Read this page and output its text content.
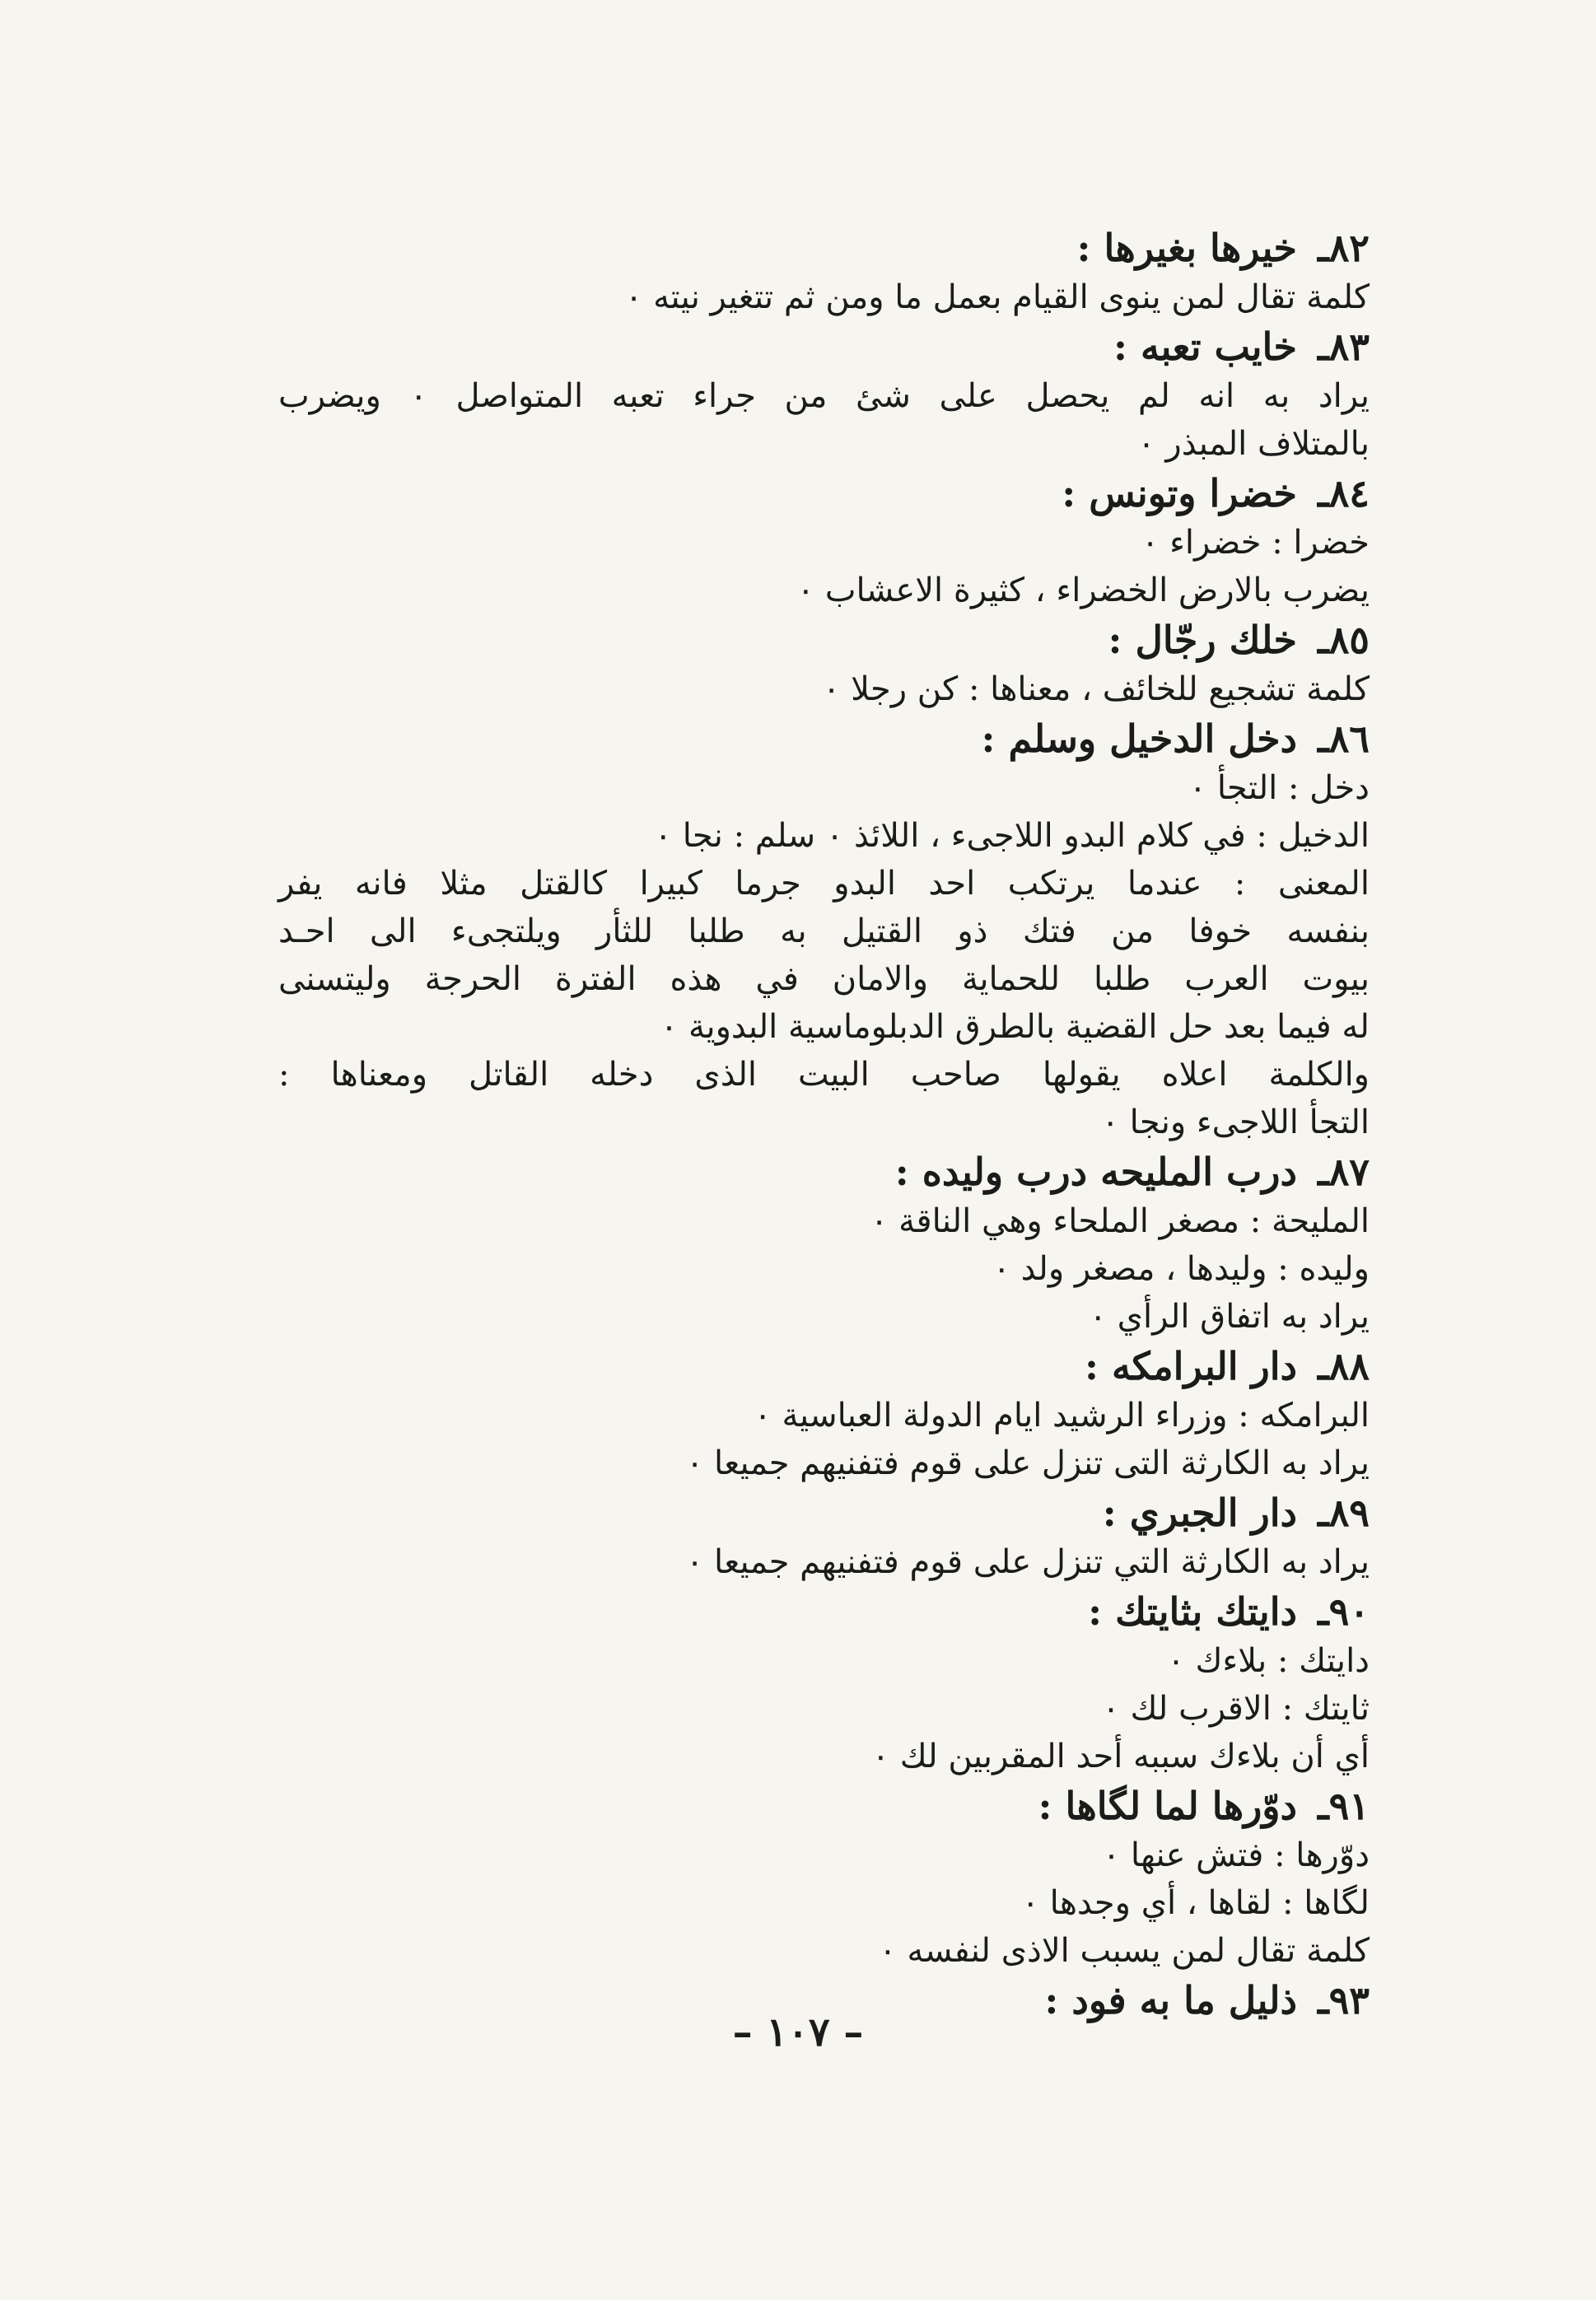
٨٢ـ
خيرها بغيرها :
كلمة تقال لمن ينوى القيام بعمل ما ومن ثم تتغير نيته ٠
٨٣ـ
خايب تعبه :
يراد به انه لم يحصل على شئ من جراء تعبه المتواصل ٠ ويضرب
بالمتلاف المبذر ٠
٨٤ـ
خضرا وتونس :
خضرا : خضراء ٠
يضرب بالارض الخضراء ، كثيرة الاعشاب ٠
٨٥ـ
خلك رجّال :
كلمة تشجيع للخائف ، معناها : كن رجلا ٠
٨٦ـ
دخل الدخيل وسلم :
دخل : التجأ ٠
الدخيل : في كلام البدو اللاجىء ، اللائذ ٠ سلم : نجا ٠
المعنى : عندما يرتكب احد البدو جرما كبيرا كالقتل مثلا فانه يفر
بنفسه خوفا من فتك ذو القتيل به طلبا للثأر ويلتجىء الى احـد
بيوت العرب طلبا للحماية والامان في هذه الفترة الحرجة وليتسنى
له فيما بعد حل القضية بالطرق الدبلوماسية البدوية ٠
والكلمة اعلاه يقولها صاحب البيت الذى دخله القاتل ومعناها :
التجأ اللاجىء ونجا ٠
٨٧ـ
درب المليحه درب وليده :
المليحة : مصغر الملحاء وهي الناقة ٠
وليده : وليدها ، مصغر ولد ٠
يراد به اتفاق الرأي ٠
٨٨ـ
دار البرامكه :
البرامكه : وزراء الرشيد ايام الدولة العباسية ٠
يراد به الكارثة التى تنزل على قوم فتفنيهم جميعا ٠
٨٩ـ
دار الجبري :
يراد به الكارثة التي تنزل على قوم فتفنيهم جميعا ٠
٩٠ـ
دايتك بثايتك :
دايتك : بلاءك ٠
ثايتك : الاقرب لك ٠
أي أن بلاءك سببه أحد المقربين لك ٠
٩١ـ
دوّرها لما لگاها :
دوّرها : فتش عنها ٠
لگاها : لقاها ، أي وجدها ٠
كلمة تقال لمن يسبب الاذى لنفسه ٠
٩٣ـ
ذليل ما به فود :
– ١٠٧ –
